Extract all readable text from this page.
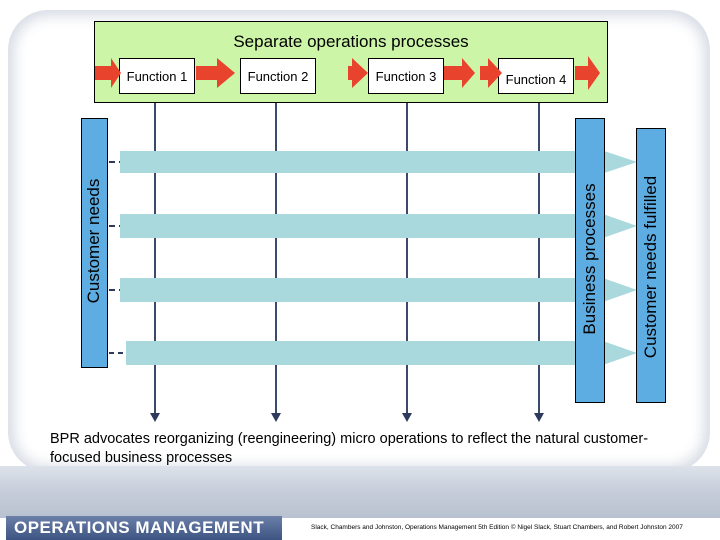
Separate operations processes
Function 1	Function 2	Function 3	Function 4
Customer needs	Business processes Customer needs fulfilled
BPR advocates reorganizing (reengineering) micro operations to reflect the natural customer-focused business processes
OPERATIONS MANAGEMENT	Slack, Chambers and Johnston, Operations Management 5th Edition © Nigel Slack, Stuart Chambers, and Robert Johnston 2007
